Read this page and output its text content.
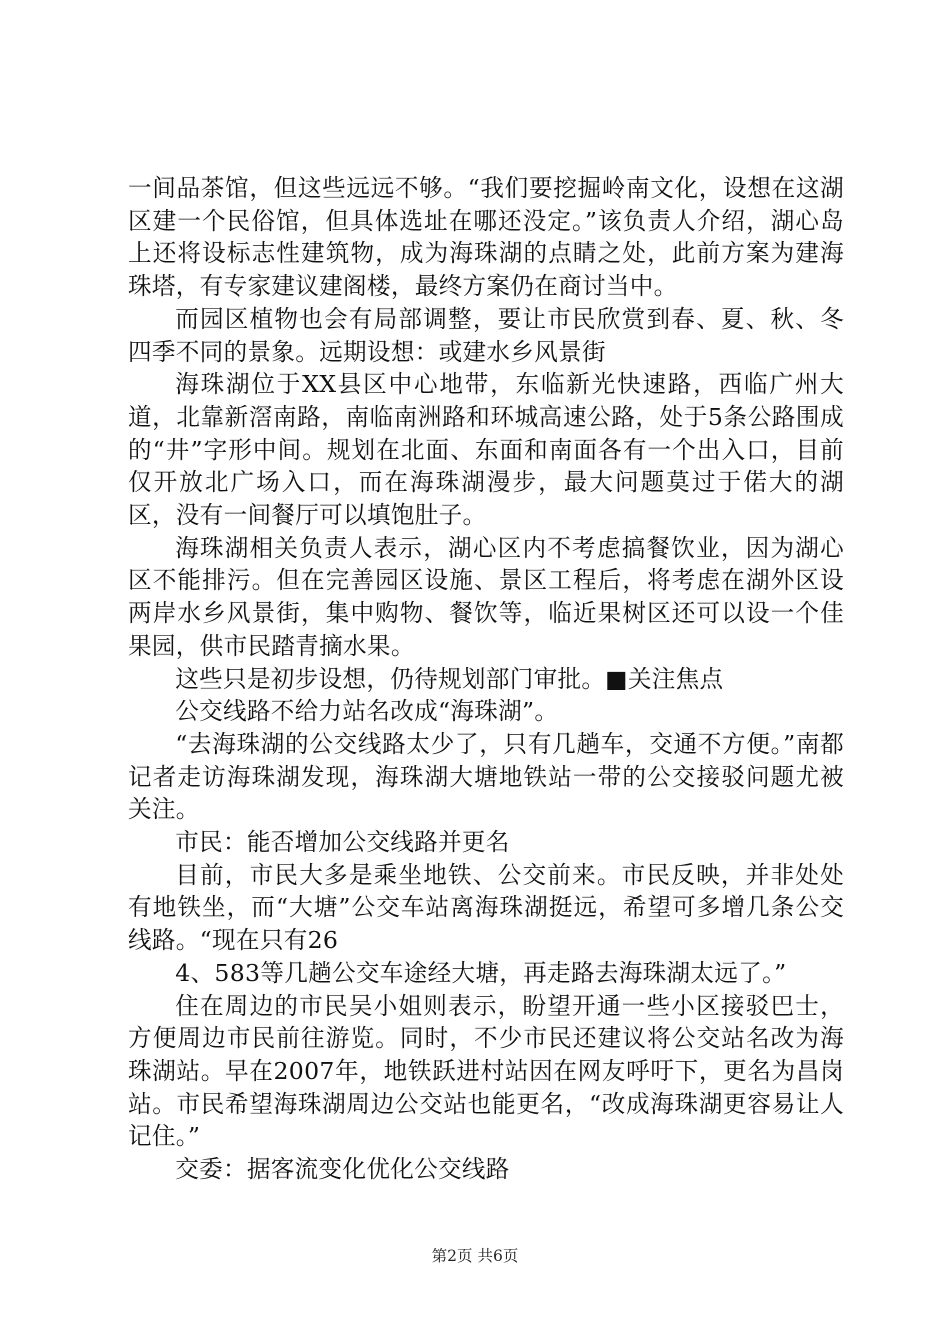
一间品茶馆，但这些远远不够。“我们要挖掘岭南文化，设想在这湖区建一个民俗馆，但具体选址在哪还没定。”该负责人介绍，湖心岛上还将设标志性建筑物，成为海珠湖的点睛之处，此前方案为建海珠塔，有专家建议建阁楼，最终方案仍在商讨当中。

而园区植物也会有局部调整，要让市民欣赏到春、夏、秋、冬四季不同的景象。远期设想：或建水乡风景街

海珠湖位于XX县区中心地带，东临新光快速路，西临广州大道，北靠新滘南路，南临南洲路和环城高速公路，处于5条公路围成的“井”字形中间。规划在北面、东面和南面各有一个出入口，目前仅开放北广场入口，而在海珠湖漫步，最大问题莫过于偌大的湖区，没有一间餐厅可以填饱肚子。

海珠湖相关负责人表示，湖心区内不考虑搞餐饮业，因为湖心区不能排污。但在完善园区设施、景区工程后，将考虑在湖外区设两岸水乡风景街，集中购物、餐饮等，临近果树区还可以设一个佳果园，供市民踏青摘水果。

这些只是初步设想，仍待规划部门审批。■关注焦点

公交线路不给力站名改成“海珠湖”。

“去海珠湖的公交线路太少了，只有几趟车，交通不方便。”南都记者走访海珠湖发现，海珠湖大塘地铁站一带的公交接驳问题尤被关注。

市民：能否增加公交线路并更名

目前，市民大多是乘坐地铁、公交前来。市民反映，并非处处有地铁坐，而“大塘”公交车站离海珠湖挺远，希望可多增几条公交线路。“现在只有26

4、583等几趟公交车途经大塘，再走路去海珠湖太远了。”

住在周边的市民吴小姐则表示，盼望开通一些小区接驳巴士，方便周边市民前往游览。同时，不少市民还建议将公交站名改为海珠湖站。早在2007年，地铁跃进村站因在网友呼吁下，更名为昌岗站。市民希望海珠湖周边公交站也能更名，“改成海珠湖更容易让人记住。”

交委：据客流变化优化公交线路

第2页 共6页
